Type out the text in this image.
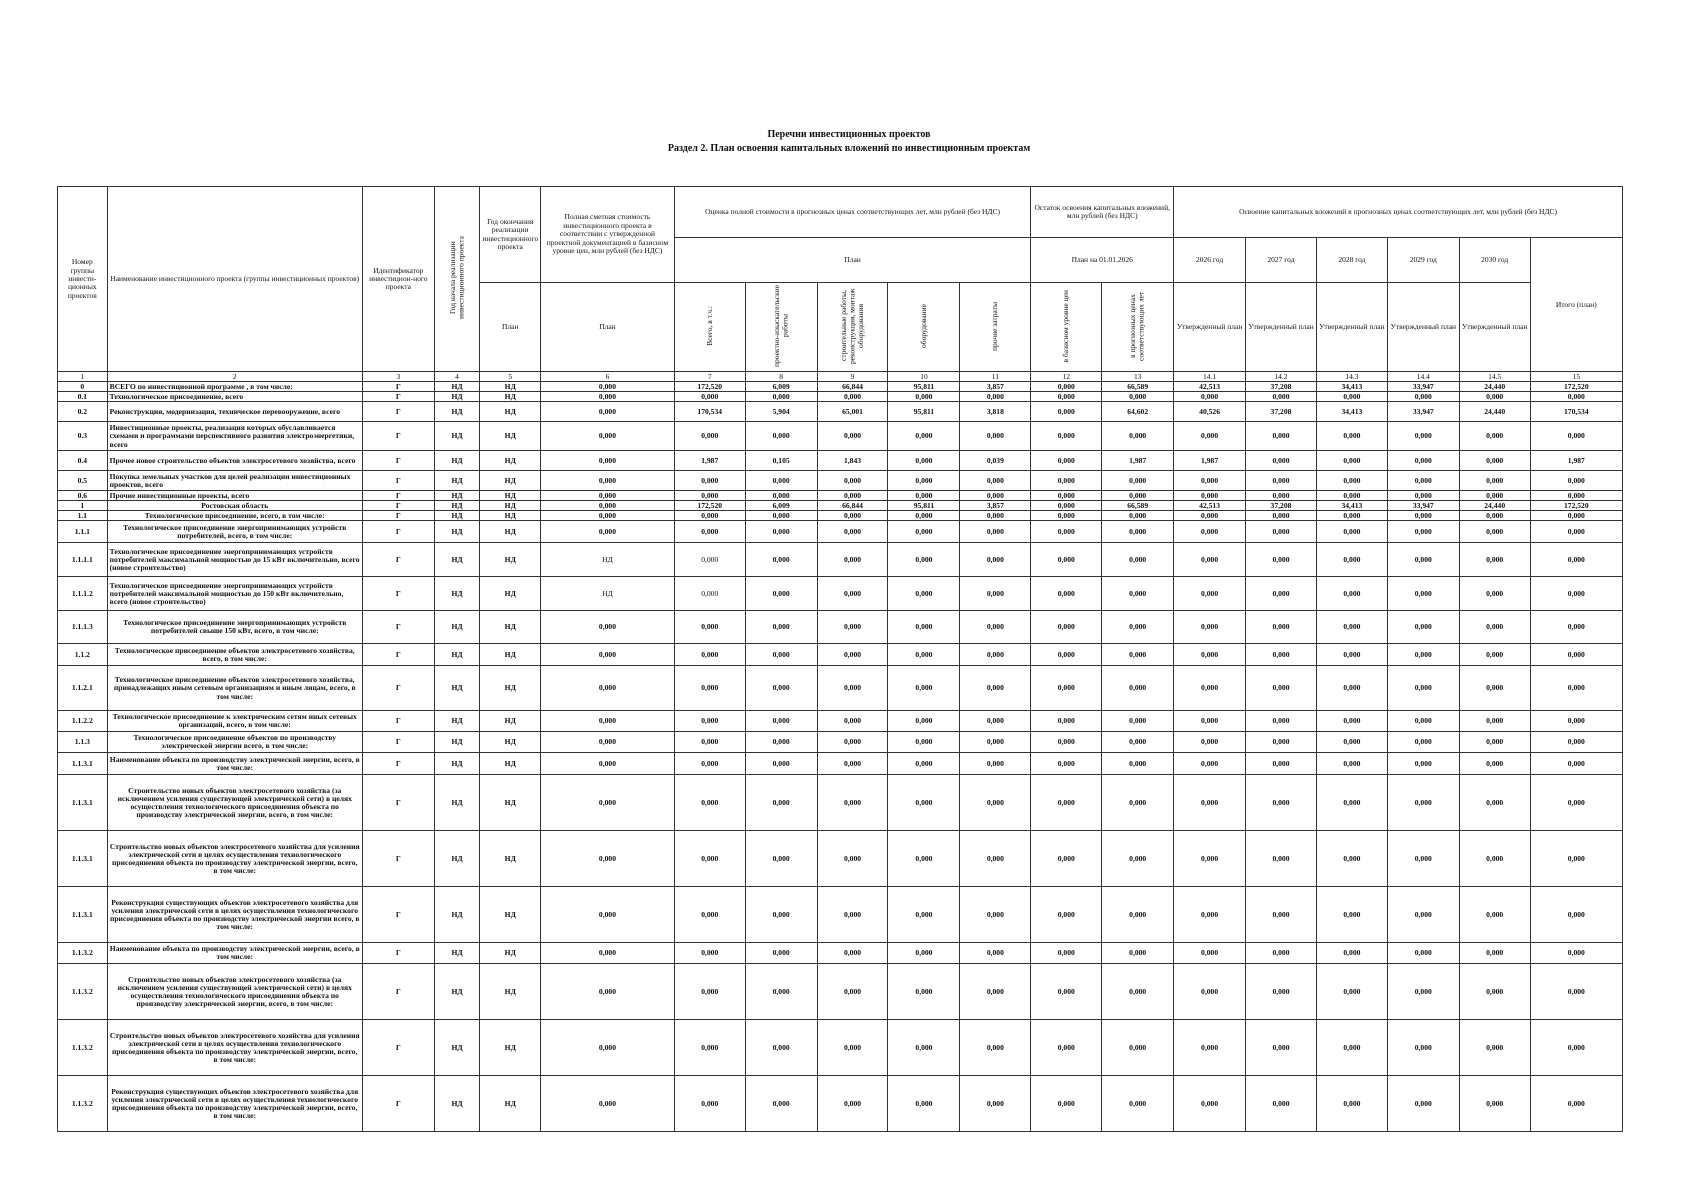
Перечни инвестиционных проектов
Раздел 2. План освоения капитальных вложений по инвестиционным проектам
Номер группы инвести-ционных проектов	Наименование инвестиционного проекта (группы инвестиционных проектов)	Идентификатор инвестицион-ного проекта	Год начала реализации инвестиционного проекта	Год окончания реализации инвестиционного проекта	Полная сметная стоимость инвестиционного проекта в соответствии с утвержденной проектной документацией в базисном уровне цен, млн рублей (без НДС)	Оценка полной стоимости в прогнозных ценах соответствующих лет, млн рублей (без НДС)					Остаток освоения капитальных вложений, млн рублей (без НДС)		Освоение капитальных вложений в прогнозных ценах соответствующих лет, млн рублей (без НДС)					
						План					План на 01.01.2026		2026 год	2027 год	2028 год	2029 год	2030 год	Итого (план)
				План	План	Всего, в т.ч.:	проектно-изыскательские работы	строительные работы, реконструкция, монтаж оборудования	оборудование	прочие затраты	в базисном уровне цен	в прогнозных ценах соответствующих лет	Утвержденный план	Утвержденный план	Утвержденный план	Утвержденный план	Утвержденный план	
1	2	3	4	5	6	7	8	9	10	11	12	13	14.1	14.2	14.3	14.4	14.5	15
0	ВСЕГО по инвестиционной программе , в том числе:	Г	НД	НД	0,000	172,520	6,009	66,844	95,811	3,857	0,000	66,589	42,513	37,208	34,413	33,947	24,440	172,520
0.1	Технологическое присоединение, всего	Г	НД	НД	0,000	0,000	0,000	0,000	0,000	0,000	0,000	0,000	0,000	0,000	0,000	0,000	0,000	0,000
0.2	Реконструкция, модернизация, техническое перевооружение, всего	Г	НД	НД	0,000	170,534	5,904	65,001	95,811	3,818	0,000	64,602	40,526	37,208	34,413	33,947	24,440	170,534
0.3	Инвестиционные проекты, реализация которых обуславливается схемами и программами перспективного развития электроэнергетики, всего	Г	НД	НД	0,000	0,000	0,000	0,000	0,000	0,000	0,000	0,000	0,000	0,000	0,000	0,000	0,000	0,000
0.4	Прочее новое строительство объектов электросетевого хозяйства, всего	Г	НД	НД	0,000	1,987	0,105	1,843	0,000	0,039	0,000	1,987	1,987	0,000	0,000	0,000	0,000	1,987
0.5	Покупка земельных участков для целей реализации инвестиционных проектов, всего	Г	НД	НД	0,000	0,000	0,000	0,000	0,000	0,000	0,000	0,000	0,000	0,000	0,000	0,000	0,000	0,000
0.6	Прочие инвестиционные проекты, всего	Г	НД	НД	0,000	0,000	0,000	0,000	0,000	0,000	0,000	0,000	0,000	0,000	0,000	0,000	0,000	0,000
1	Ростовская область	Г	НД	НД	0,000	172,520	6,009	66,844	95,811	3,857	0,000	66,589	42,513	37,208	34,413	33,947	24,440	172,520
1.1	Технологическое присоединение, всего, в том числе:	Г	НД	НД	0,000	0,000	0,000	0,000	0,000	0,000	0,000	0,000	0,000	0,000	0,000	0,000	0,000	0,000
1.1.1	Технологическое присоединение энергопринимающих устройств потребителей, всего, в том числе:	Г	НД	НД	0,000	0,000	0,000	0,000	0,000	0,000	0,000	0,000	0,000	0,000	0,000	0,000	0,000	0,000
1.1.1.1	Технологическое присоединение энергопринимающих устройств потребителей максимальной мощностью до 15 кВт включительно, всего (новое строительство)	Г	НД	НД	НД	0,000	0,000	0,000	0,000	0,000	0,000	0,000	0,000	0,000	0,000	0,000	0,000	0,000
1.1.1.2	Технологическое присоединение энергопринимающих устройств потребителей максимальной мощностью до 150 кВт включительно, всего (новое строительство)	Г	НД	НД	НД	0,000	0,000	0,000	0,000	0,000	0,000	0,000	0,000	0,000	0,000	0,000	0,000	0,000
1.1.1.3	Технологическое присоединение энергопринимающих устройств потребителей свыше 150 кВт, всего, в том числе:	Г	НД	НД	0,000	0,000	0,000	0,000	0,000	0,000	0,000	0,000	0,000	0,000	0,000	0,000	0,000	0,000
1.1.2	Технологическое присоединение объектов электросетевого хозяйства, всего, в том числе:	Г	НД	НД	0,000	0,000	0,000	0,000	0,000	0,000	0,000	0,000	0,000	0,000	0,000	0,000	0,000	0,000
1.1.2.1	Технологическое присоединение объектов электросетевого хозяйства, принадлежащих иным сетевым организациям и иным лицам, всего, в том числе:	Г	НД	НД	0,000	0,000	0,000	0,000	0,000	0,000	0,000	0,000	0,000	0,000	0,000	0,000	0,000	0,000
1.1.2.2	Технологическое присоединение к электрическим сетям иных сетевых организаций, всего, в том числе:	Г	НД	НД	0,000	0,000	0,000	0,000	0,000	0,000	0,000	0,000	0,000	0,000	0,000	0,000	0,000	0,000
1.1.3	Технологическое присоединение объектов по производству электрической энергии всего, в том числе:	Г	НД	НД	0,000	0,000	0,000	0,000	0,000	0,000	0,000	0,000	0,000	0,000	0,000	0,000	0,000	0,000
1.1.3.1	Наименование объекта по производству электрической энергии, всего, в том числе:	Г	НД	НД	0,000	0,000	0,000	0,000	0,000	0,000	0,000	0,000	0,000	0,000	0,000	0,000	0,000	0,000
1.1.3.1	Строительство новых объектов электросетевого хозяйства (за исключением усиления существующей электрической сети) в целях осуществления технологического присоединения объекта по производству электрической энергии, всего, в том числе:	Г	НД	НД	0,000	0,000	0,000	0,000	0,000	0,000	0,000	0,000	0,000	0,000	0,000	0,000	0,000	0,000
1.1.3.1	Строительство новых объектов электросетевого хозяйства для усиления электрической сети в целях осуществления технологического присоединения объекта по производству электрической энергии, всего, в том числе:	Г	НД	НД	0,000	0,000	0,000	0,000	0,000	0,000	0,000	0,000	0,000	0,000	0,000	0,000	0,000	0,000
1.1.3.1	Реконструкция существующих объектов электросетевого хозяйства для усиления электрической сети в целях осуществления технологического присоединения объекта по производству электрической энергии всего, в том числе:	Г	НД	НД	0,000	0,000	0,000	0,000	0,000	0,000	0,000	0,000	0,000	0,000	0,000	0,000	0,000	0,000
1.1.3.2	Наименование объекта по производству электрической энергии, всего, в том числе:	Г	НД	НД	0,000	0,000	0,000	0,000	0,000	0,000	0,000	0,000	0,000	0,000	0,000	0,000	0,000	0,000
1.1.3.2	Строительство новых объектов электросетевого хозяйства (за исключением усиления существующей электрической сети) в целях осуществления технологического присоединения объекта по производству электрической энергии, всего, в том числе:	Г	НД	НД	0,000	0,000	0,000	0,000	0,000	0,000	0,000	0,000	0,000	0,000	0,000	0,000	0,000	0,000
1.1.3.2	Строительство новых объектов электросетевого хозяйства для усиления электрической сети в целях осуществления технологического присоединения объекта по производству электрической энергии, всего, в том числе:	Г	НД	НД	0,000	0,000	0,000	0,000	0,000	0,000	0,000	0,000	0,000	0,000	0,000	0,000	0,000	0,000
1.1.3.2	Реконструкция существующих объектов электросетевого хозяйства для усиления электрической сети в целях осуществления технологического присоединения объекта по производству электрической энергии, всего, в том числе:	Г	НД	НД	0,000	0,000	0,000	0,000	0,000	0,000	0,000	0,000	0,000	0,000	0,000	0,000	0,000	0,000
